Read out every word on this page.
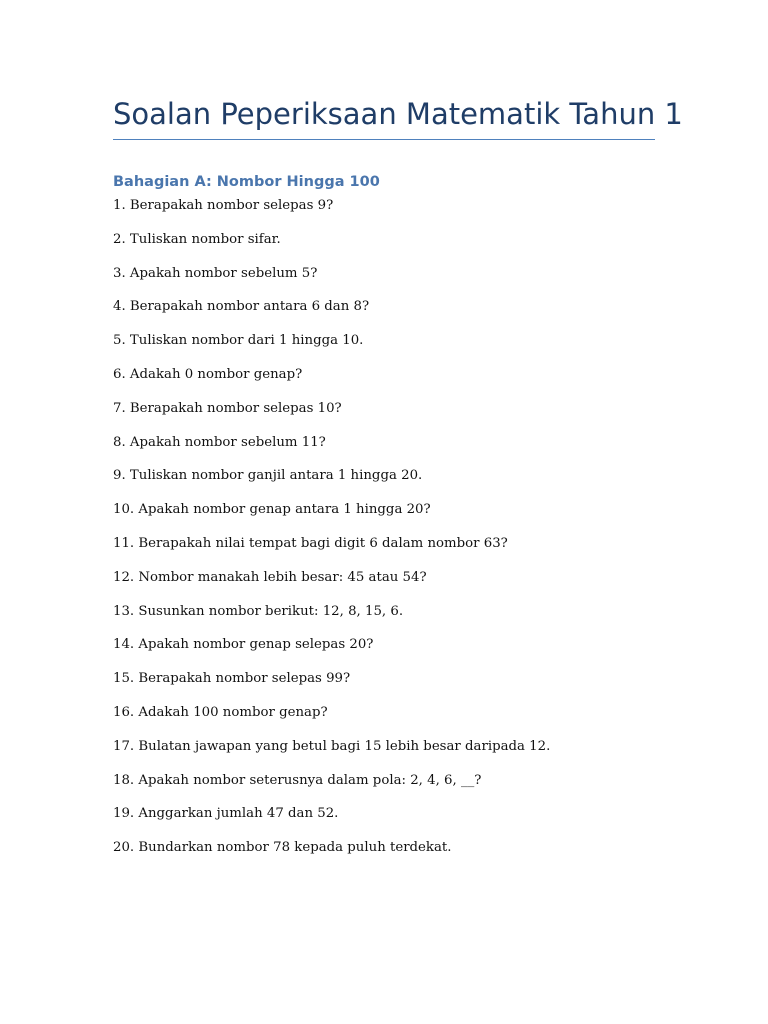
Soalan Peperiksaan Matematik Tahun 1
Bahagian A: Nombor Hingga 100
1. Berapakah nombor selepas 9?
2. Tuliskan nombor sifar.
3. Apakah nombor sebelum 5?
4. Berapakah nombor antara 6 dan 8?
5. Tuliskan nombor dari 1 hingga 10.
6. Adakah 0 nombor genap?
7. Berapakah nombor selepas 10?
8. Apakah nombor sebelum 11?
9. Tuliskan nombor ganjil antara 1 hingga 20.
10. Apakah nombor genap antara 1 hingga 20?
11. Berapakah nilai tempat bagi digit 6 dalam nombor 63?
12. Nombor manakah lebih besar: 45 atau 54?
13. Susunkan nombor berikut: 12, 8, 15, 6.
14. Apakah nombor genap selepas 20?
15. Berapakah nombor selepas 99?
16. Adakah 100 nombor genap?
17. Bulatan jawapan yang betul bagi 15 lebih besar daripada 12.
18. Apakah nombor seterusnya dalam pola: 2, 4, 6, __?
19. Anggarkan jumlah 47 dan 52.
20. Bundarkan nombor 78 kepada puluh terdekat.
